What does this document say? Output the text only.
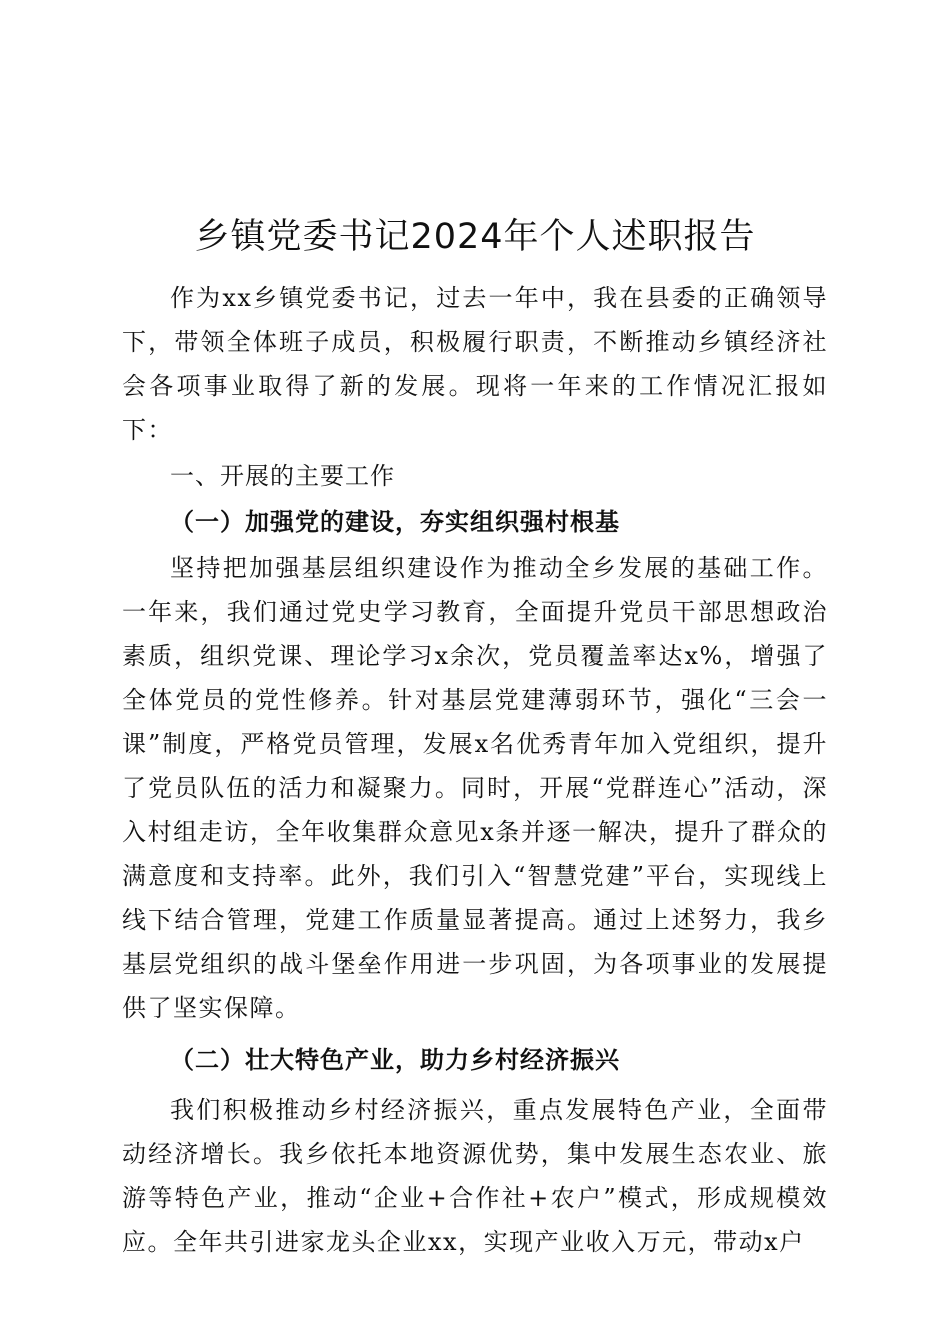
乡镇党委书记2024年个人述职报告

作为xx乡镇党委书记，过去一年中，我在县委的正确领导下，带领全体班子成员，积极履行职责，不断推动乡镇经济社会各项事业取得了新的发展。现将一年来的工作情况汇报如下：

一、开展的主要工作

（一）加强党的建设，夯实组织强村根基

坚持把加强基层组织建设作为推动全乡发展的基础工作。一年来，我们通过党史学习教育，全面提升党员干部思想政治素质，组织党课、理论学习x余次，党员覆盖率达x%，增强了全体党员的党性修养。针对基层党建薄弱环节，强化“三会一课”制度，严格党员管理，发展x名优秀青年加入党组织，提升了党员队伍的活力和凝聚力。同时，开展“党群连心”活动，深入村组走访，全年收集群众意见x条并逐一解决，提升了群众的满意度和支持率。此外，我们引入“智慧党建”平台，实现线上线下结合管理，党建工作质量显著提高。通过上述努力，我乡基层党组织的战斗堡垒作用进一步巩固，为各项事业的发展提供了坚实保障。

（二）壮大特色产业，助力乡村经济振兴

我们积极推动乡村经济振兴，重点发展特色产业，全面带动经济增长。我乡依托本地资源优势，集中发展生态农业、旅游等特色产业，推动“企业+合作社+农户”模式，形成规模效应。全年共引进家龙头企业xx，实现产业收入万元，带动x户
